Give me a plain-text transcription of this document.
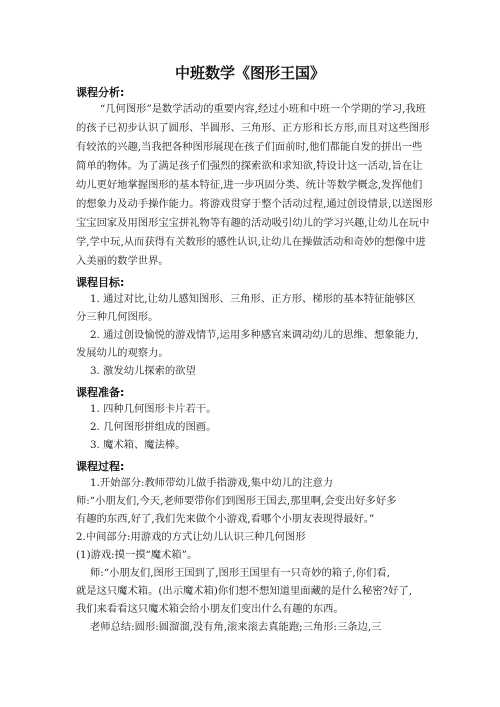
中班数学《图形王国》
课程分析:
“几何图形”是数学活动的重要内容,经过小班和中班一个学期的学习,我班
的孩子已初步认识了圆形、半圆形、三角形、正方形和长方形,而且对这些图形
有较浓的兴趣,当我把各种图形展现在孩子们面前时,他们都能自发的拼出一些
简单的物体。为了满足孩子们强烈的探索欲和求知欲,特设计这一活动,旨在让
幼儿更好地掌握图形的基本特征,进一步巩固分类、统计等数学概念,发挥他们
的想象力及动手操作能力。将游戏贯穿于整个活动过程,通过创设情景,以送图形
宝宝回家及用图形宝宝拼礼物等有趣的活动吸引幼儿的学习兴趣,让幼儿在玩中
学,学中玩,从而获得有关数形的感性认识,让幼儿在操做活动和奇妙的想像中进
入美丽的数学世界。
课程目标:
1. 通过对比,让幼儿感知图形、三角形、正方形、梯形的基本特征能够区
分三种几何图形。
2. 通过创设愉悦的游戏情节,运用多种感官来调动幼儿的思维、想象能力,
发展幼儿的观察力。
3. 激发幼儿探索的欲望
课程准备:
1. 四种几何图形卡片若干。
2. 几何图形拼组成的图画。
3. 魔术箱、魔法棒。
课程过程:
1.开始部分:教师带幼儿做手指游戏,集中幼儿的注意力
师:“小朋友们,今天,老师要带你们到图形王国去,那里啊,会变出好多好多
有趣的东西,好了,我们先来做个小游戏,看哪个小朋友表现得最好。”
2.中间部分:用游戏的方式让幼儿认识三种几何图形
(1)游戏:摸一摸“魔术箱”。
师:“小朋友们,图形王国到了,图形王国里有一只奇妙的箱子,你们看,
就是这只魔术箱。(出示魔术箱)你们想不想知道里面藏的是什么秘密?好了,
我们来看看这只魔术箱会给小朋友们变出什么有趣的东西。
老师总结:圆形:圆溜溜,没有角,滚来滚去真能跑;三角形:三条边,三
